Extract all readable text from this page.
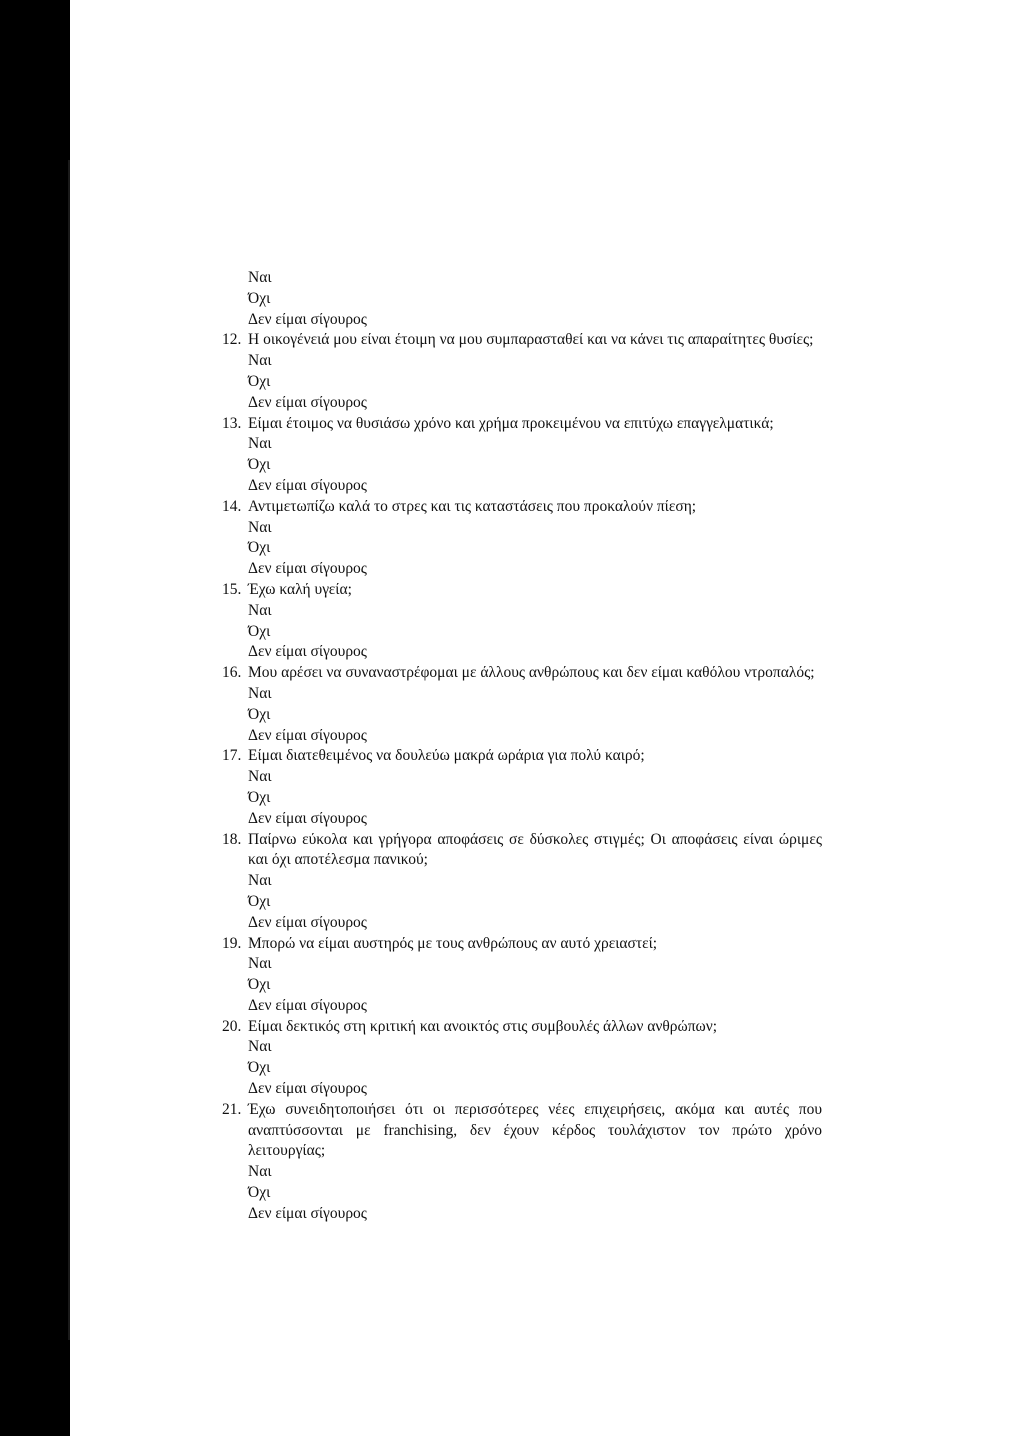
Ναι
Όχι
Δεν είμαι σίγουρος
12. Η οικογένειά μου είναι έτοιμη να μου συμπαρασταθεί και να κάνει τις απαραίτητες θυσίες;
Ναι
Όχι
Δεν είμαι σίγουρος
13. Είμαι έτοιμος να θυσιάσω χρόνο και χρήμα προκειμένου να επιτύχω επαγγελματικά;
Ναι
Όχι
Δεν είμαι σίγουρος
14. Αντιμετωπίζω καλά το στρες και τις καταστάσεις που προκαλούν πίεση;
Ναι
Όχι
Δεν είμαι σίγουρος
15. Έχω καλή υγεία;
Ναι
Όχι
Δεν είμαι σίγουρος
16. Μου αρέσει να συναναστρέφομαι με άλλους ανθρώπους και δεν είμαι καθόλου ντροπαλός;
Ναι
Όχι
Δεν είμαι σίγουρος
17. Είμαι διατεθειμένος να δουλεύω μακρά ωράρια για πολύ καιρό;
Ναι
Όχι
Δεν είμαι σίγουρος
18. Παίρνω εύκολα και γρήγορα αποφάσεις σε δύσκολες στιγμές; Οι αποφάσεις είναι ώριμες και όχι αποτέλεσμα πανικού;
Ναι
Όχι
Δεν είμαι σίγουρος
19. Μπορώ να είμαι αυστηρός με τους ανθρώπους αν αυτό χρειαστεί;
Ναι
Όχι
Δεν είμαι σίγουρος
20. Είμαι δεκτικός στη κριτική και ανοικτός στις συμβουλές άλλων ανθρώπων;
Ναι
Όχι
Δεν είμαι σίγουρος
21. Έχω συνειδητοποιήσει ότι οι περισσότερες νέες επιχειρήσεις, ακόμα και αυτές που αναπτύσσονται με franchising, δεν έχουν κέρδος τουλάχιστον τον πρώτο χρόνο λειτουργίας;
Ναι
Όχι
Δεν είμαι σίγουρος
